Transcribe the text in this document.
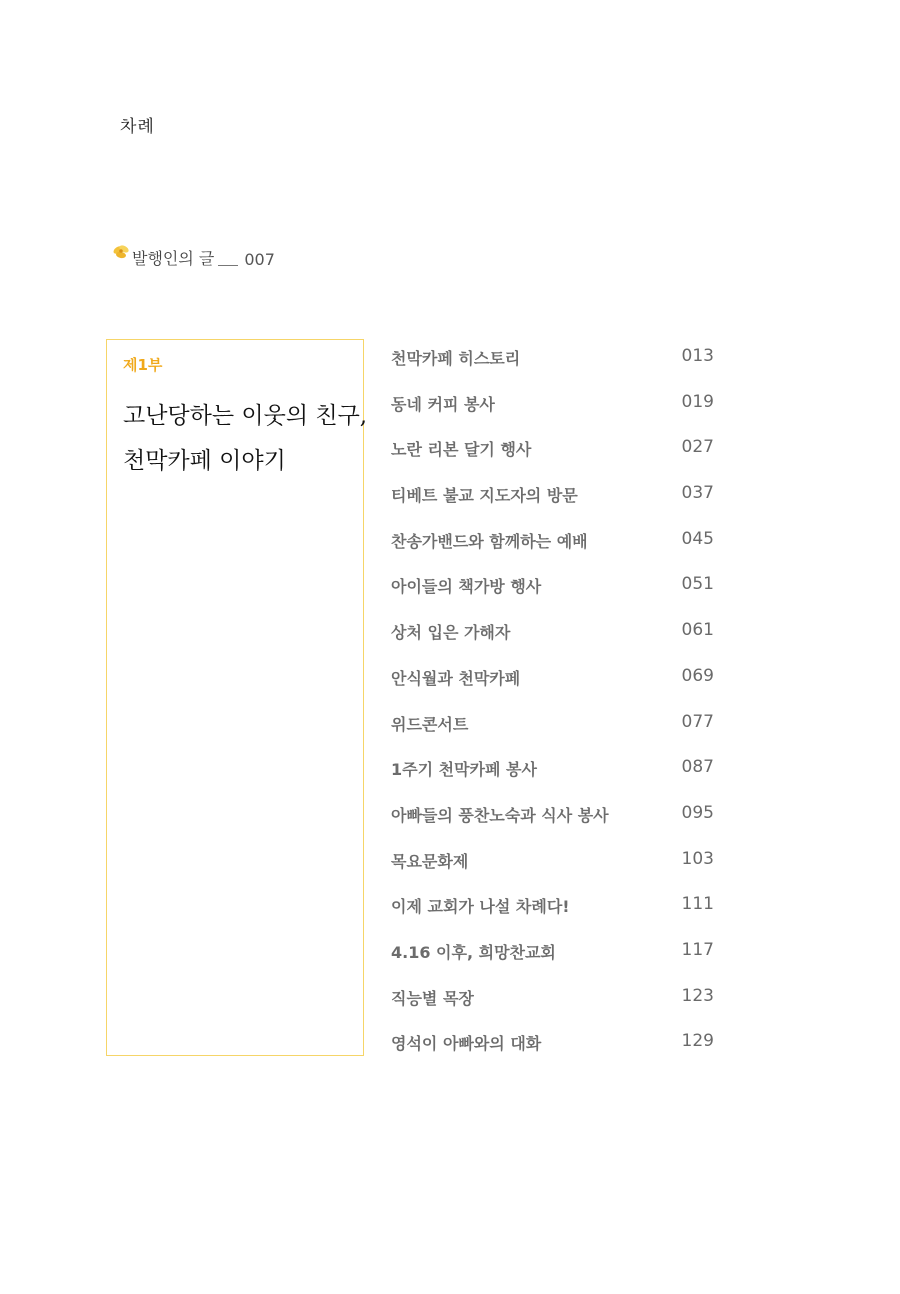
차례
발행인의 글 007
제1부
고난당하는 이웃의 친구,
천막카페 이야기
천막카페 히스토리	013
동네 커피 봉사	019
노란 리본 달기 행사	027
티베트 불교 지도자의 방문	037
찬송가밴드와 함께하는 예배	045
아이들의 책가방 행사	051
상처 입은 가해자	061
안식월과 천막카페	069
위드콘서트	077
1주기 천막카페 봉사	087
아빠들의 풍찬노숙과 식사 봉사	095
목요문화제	103
이제 교회가 나설 차례다!	111
4.16 이후, 희망찬교회	117
직능별 목장	123
영석이 아빠와의 대화	129
